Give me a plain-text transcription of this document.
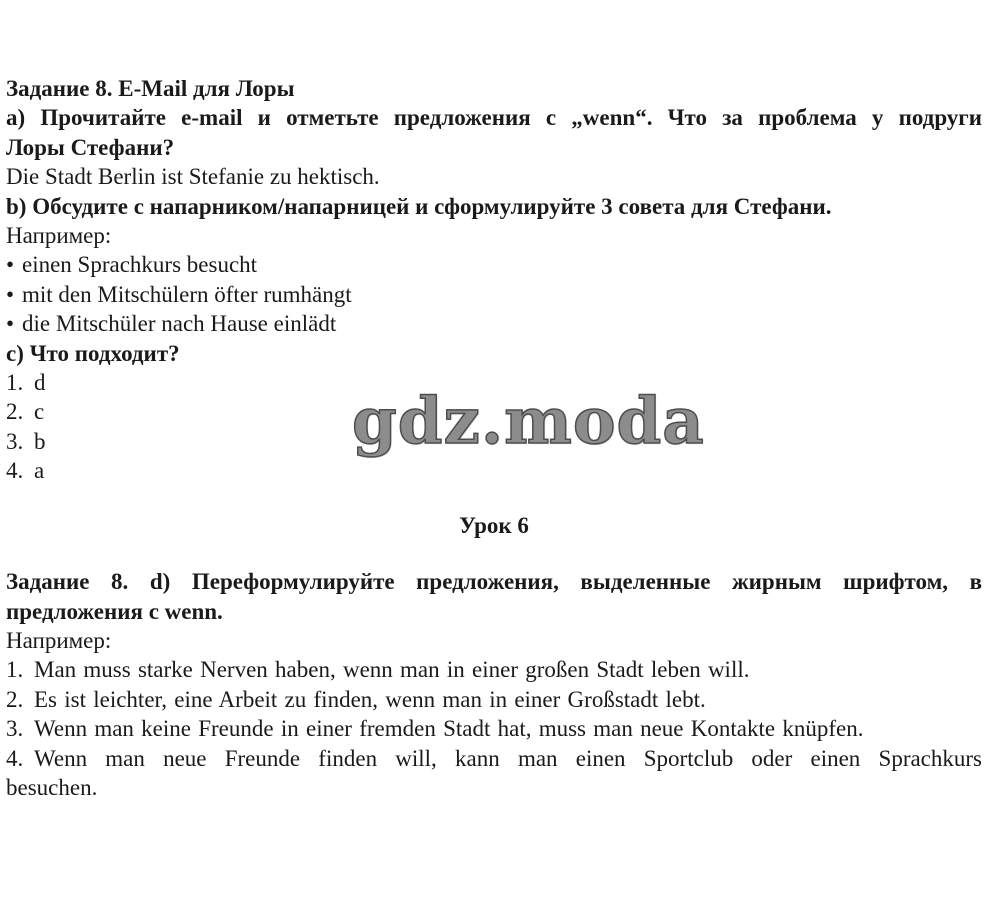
Задание 8. E-Mail для Лоры
a) Прочитайте e-mail и отметьте предложения с „wenn“. Что за проблема у подруги
Лоры Стефани?
Die Stadt Berlin ist Stefanie zu hektisch.
b) Обсудите с напарником/напарницей и сформулируйте 3 совета для Стефани.
Например:
• einen Sprachkurs besucht
• mit den Mitschülern öfter rumhängt
• die Mitschüler nach Hause einlädt
c) Что подходит?
1. d
2. c
3. b
4. a
Урок 6
Задание 8. d) Переформулируйте предложения, выделенные жирным шрифтом, в
предложения с wenn.
Например:
1. Man muss starke Nerven haben, wenn man in einer großen Stadt leben will.
2. Es ist leichter, eine Arbeit zu finden, wenn man in einer Großstadt lebt.
3. Wenn man keine Freunde in einer fremden Stadt hat, muss man neue Kontakte knüpfen.
4. Wenn man neue Freunde finden will, kann man einen Sportclub oder einen Sprachkurs
besuchen.
gdz.moda
